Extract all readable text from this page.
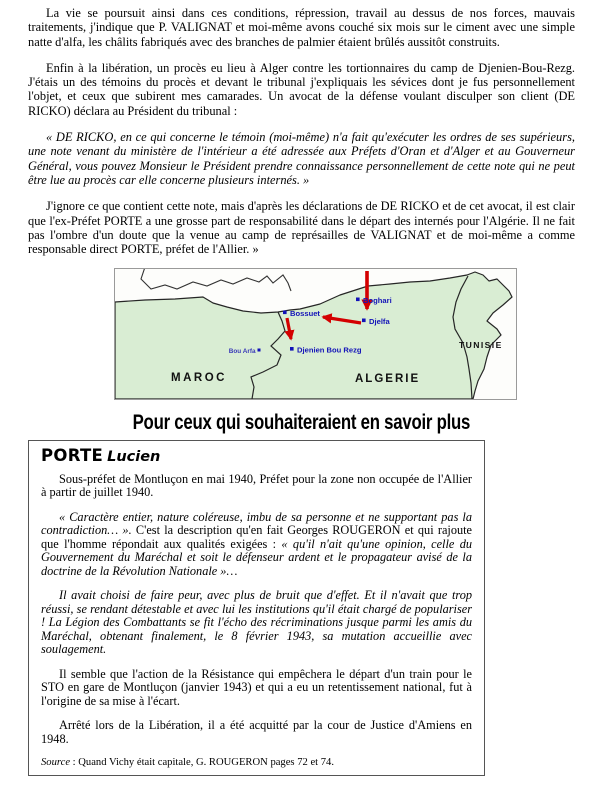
La vie se poursuit ainsi dans ces conditions, répression, travail au dessus de nos forces, mauvais traitements, j'indique que P. VALIGNAT et moi-même avons couché six mois sur le ciment avec une simple natte d'alfa, les châlits fabriqués avec des branches de palmier étaient brûlés aussitôt construits.

Enfin à la libération, un procès eu lieu à Alger contre les tortionnaires du camp de Djenien-Bou-Rezg. J'étais un des témoins du procès et devant le tribunal j'expliquais les sévices dont je fus personnellement l'objet, et ceux que subirent mes camarades. Un avocat de la défense voulant disculper son client (DE RICKO) déclara au Président du tribunal :

« DE RICKO, en ce qui concerne le témoin (moi-même) n'a fait qu'exécuter les ordres de ses supérieurs, une note venant du ministère de l'intérieur a été adressée aux Préfets d'Oran et d'Alger et au Gouverneur Général, vous pouvez Monsieur le Président prendre connaissance personnellement de cette note qui ne peut être lue au procès car elle concerne plusieurs internés. »

J'ignore ce que contient cette note, mais d'après les déclarations de DE RICKO et de cet avocat, il est clair que l'ex-Préfet PORTE a une grosse part de responsabilité dans le départ des internés pour l'Algérie. Il ne fait pas l'ombre d'un doute que la venue au camp de représailles de VALIGNAT et de moi-même a comme responsable direct PORTE, préfet de l'Allier. »

Boghari
Bossuet
Djelfa
Djenien Bou Rezg
Bou Arfa
MAROC	ALGERIE
TUNISIE
Pour ceux qui souhaiteraient en savoir plus
PORTE Lucien

Sous-préfet de Montluçon en mai 1940, Préfet pour la zone non occupée de l'Allier à partir de juillet 1940.

« Caractère entier, nature coléreuse, imbu de sa personne et ne supportant pas la contradiction… ». C'est la description qu'en fait Georges ROUGERON et qui rajoute que l'homme répondait aux qualités exigées : « qu'il n'ait qu'une opinion, celle du Gouvernement du Maréchal et soit le défenseur ardent et le propagateur avisé de la doctrine de la Révolution Nationale »…

Il avait choisi de faire peur, avec plus de bruit que d'effet. Et il n'avait que trop réussi, se rendant détestable et avec lui les institutions qu'il était chargé de populariser ! La Légion des Combattants se fit l'écho des récriminations jusque parmi les amis du Maréchal, obtenant finalement, le 8 février 1943, sa mutation accueillie avec soulagement.

Il semble que l'action de la Résistance qui empêchera le départ d'un train pour le STO en gare de Montluçon (janvier 1943) et qui a eu un retentissement national, fut à l'origine de sa mise à l'écart.

Arrêté lors de la Libération, il a été acquitté par la cour de Justice d'Amiens en 1948.

Source : Quand Vichy était capitale, G. ROUGERON pages 72 et 74.
